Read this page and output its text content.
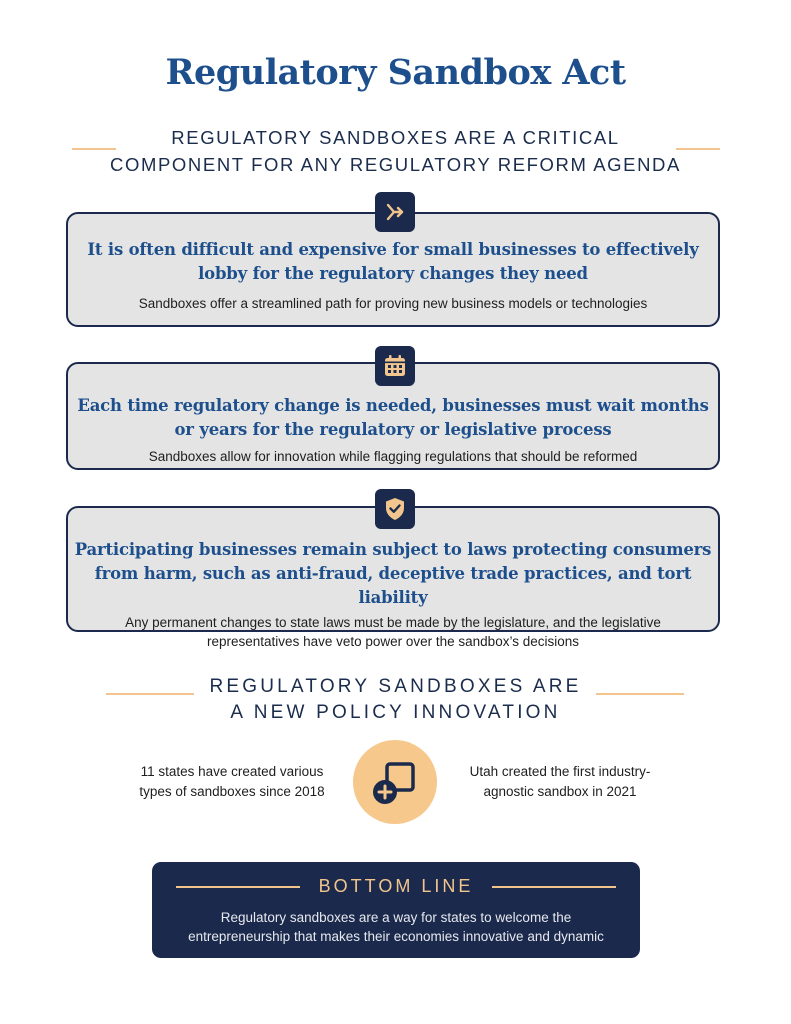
Regulatory Sandbox Act
REGULATORY SANDBOXES ARE A CRITICAL
COMPONENT FOR ANY REGULATORY REFORM AGENDA
It is often difficult and expensive for small businesses to effectively
lobby for the regulatory changes they need
Sandboxes offer a streamlined path for proving new business models or technologies
Each time regulatory change is needed, businesses must wait months
or years for the regulatory or legislative process
Sandboxes allow for innovation while flagging regulations that should be reformed
Participating businesses remain subject to laws protecting consumers
from harm, such as anti-fraud, deceptive trade practices, and tort liability
Any permanent changes to state laws must be made by the legislature, and the legislative
representatives have veto power over the sandbox’s decisions
REGULATORY SANDBOXES ARE
A NEW POLICY INNOVATION
11 states have created various
types of sandboxes since 2018
Utah created the first industry-
agnostic sandbox in 2021
BOTTOM LINE
Regulatory sandboxes are a way for states to welcome the
entrepreneurship that makes their economies innovative and dynamic
